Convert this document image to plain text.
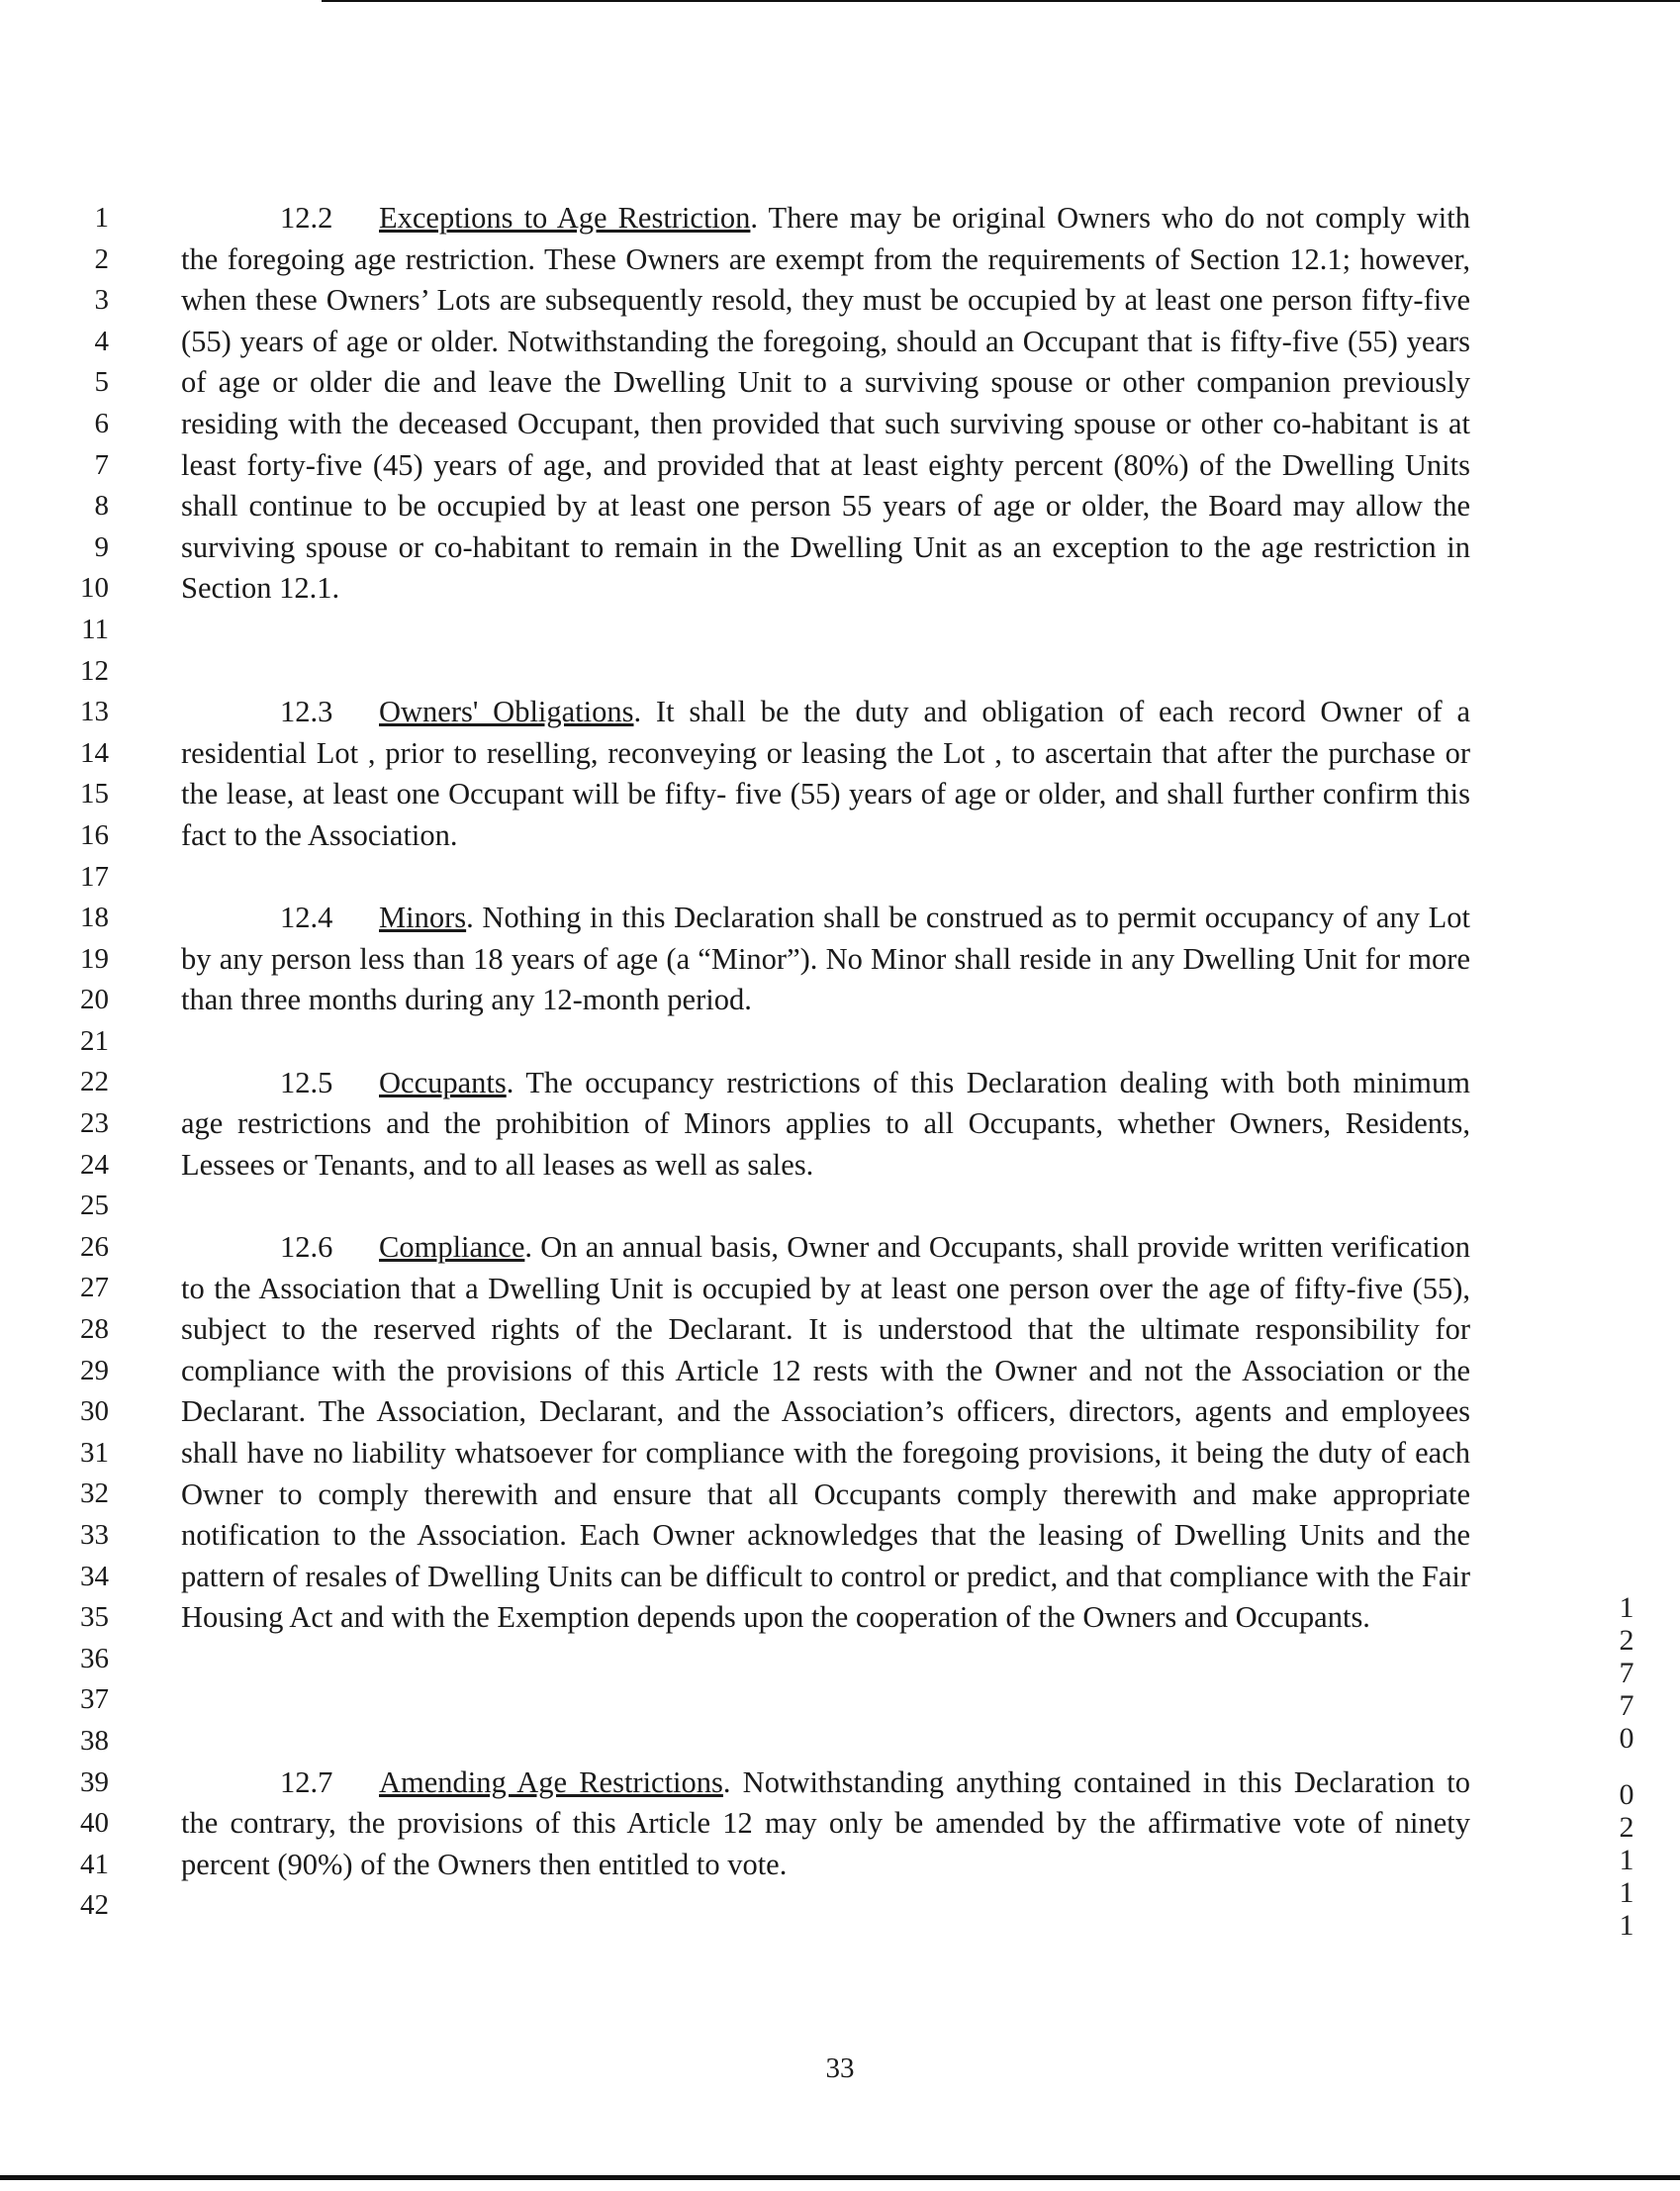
1
2
3
4
5
6
7
8
9
10
11
12
13
14
15
16
17
18
19
20
21
22
23
24
25
26
27
28
29
30
31
32
33
34
35
36
37
38
39
40
41
42

12.2 Exceptions to Age Restriction. There may be original Owners who do not comply with the foregoing age restriction. These Owners are exempt from the requirements of Section 12.1; however, when these Owners’ Lots are subsequently resold, they must be occupied by at least one person fifty-five (55) years of age or older. Notwithstanding the foregoing, should an Occupant that is fifty-five (55) years of age or older die and leave the Dwelling Unit to a surviving spouse or other companion previously residing with the deceased Occupant, then provided that such surviving spouse or other co-habitant is at least forty-five (45) years of age, and provided that at least eighty percent (80%) of the Dwelling Units shall continue to be occupied by at least one person 55 years of age or older, the Board may allow the surviving spouse or co-habitant to remain in the Dwelling Unit as an exception to the age restriction in Section 12.1.

12.3 Owners' Obligations. It shall be the duty and obligation of each record Owner of a residential Lot , prior to reselling, reconveying or leasing the Lot , to ascertain that after the purchase or the lease, at least one Occupant will be fifty- five (55) years of age or older, and shall further confirm this fact to the Association.

12.4 Minors. Nothing in this Declaration shall be construed as to permit occupancy of any Lot by any person less than 18 years of age (a “Minor”). No Minor shall reside in any Dwelling Unit for more than three months during any 12-month period.

12.5 Occupants. The occupancy restrictions of this Declaration dealing with both minimum age restrictions and the prohibition of Minors applies to all Occupants, whether Owners, Residents, Lessees or Tenants, and to all leases as well as sales.

12.6 Compliance. On an annual basis, Owner and Occupants, shall provide written verification to the Association that a Dwelling Unit is occupied by at least one person over the age of fifty-five (55), subject to the reserved rights of the Declarant. It is understood that the ultimate responsibility for compliance with the provisions of this Article 12 rests with the Owner and not the Association or the Declarant. The Association, Declarant, and the Association’s officers, directors, agents and employees shall have no liability whatsoever for compliance with the foregoing provisions, it being the duty of each Owner to comply therewith and ensure that all Occupants comply therewith and make appropriate notification to the Association. Each Owner acknowledges that the leasing of Dwelling Units and the pattern of resales of Dwelling Units can be difficult to control or predict, and that compliance with the Fair Housing Act and with the Exemption depends upon the cooperation of the Owners and Occupants.

12.7 Amending Age Restrictions. Notwithstanding anything contained in this Declaration to the contrary, the provisions of this Article 12 may only be amended by the affirmative vote of ninety percent (90%) of the Owners then entitled to vote.

1
2
7
7
0
0
2
1
1
1
33
